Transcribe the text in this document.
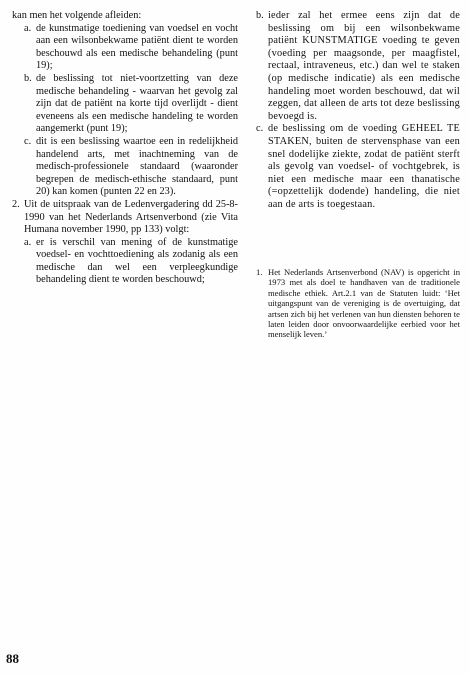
kan men het volgende afleiden:
a. de kunstmatige toediening van voedsel en vocht aan een wilsonbekwame patiënt dient te worden beschouwd als een medische behandeling (punt 19);
b. de beslissing tot niet-voortzetting van deze medische behandeling - waarvan het gevolg zal zijn dat de patiënt na korte tijd overlijdt - dient eveneens als een medische handeling te worden aangemerkt (punt 19);
c. dit is een beslissing waartoe een in redelijkheid handelend arts, met inachtneming van de medisch-professionele standaard (waaronder begrepen de medisch-ethische standaard, punt 20) kan komen (punten 22 en 23).
2. Uit de uitspraak van de Ledenvergadering dd 25-8-1990 van het Nederlands Artsenverbond (zie Vita Humana november 1990, pp 133) volgt:
a. er is verschil van mening of de kunstmatige voedsel- en vochttoediening als zodanig als een medische dan wel een verpleegkundige behandeling dient te worden beschouwd;
b. ieder zal het ermee eens zijn dat de beslissing om bij een wilsonbekwame patiënt KUNSTMATIGE voeding te geven (voeding per maagsonde, per maagfistel, rectaal, intraveneus, etc.) dan wel te staken (op medische indicatie) als een medische handeling moet worden beschouwd, dat wil zeggen, dat alleen de arts tot deze beslissing bevoegd is.
c. de beslissing om de voeding GEHEEL TE STAKEN, buiten de stervensphase van een snel dodelijke ziekte, zodat de patiënt sterft als gevolg van voedsel- of vochtgebrek, is niet een medische maar een thanatische (=opzettelijk dodende) handeling, die niet aan de arts is toegestaan.
1. Het Nederlands Artsenverbond (NAV) is opgericht in 1973 met als doel te handhaven van de traditionele medische ethiek. Art.2.1 van de Statuten luidt: ‘Het uitgangspunt van de vereniging is de overtuiging, dat artsen zich bij het verlenen van hun diensten behoren te laten leiden door onvoorwaardelijke eerbied voor het menselijk leven.’
88
